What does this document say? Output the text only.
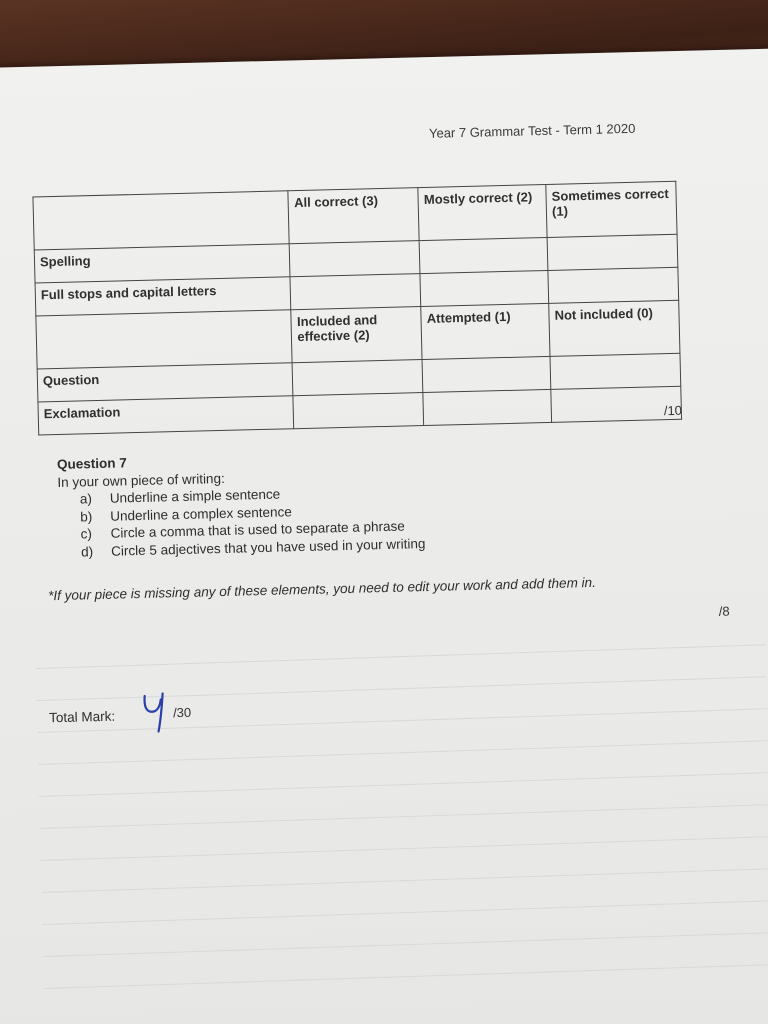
Year 7 Grammar Test - Term 1 2020
	All correct (3)	Mostly correct (2)	Sometimes correct (1)
Spelling			
Full stops and capital letters			
	Included and effective (2)	Attempted (1)	Not included (0)
Question			
Exclamation				/10
Question 7
In your own piece of writing:
a)	Underline a simple sentence
b)	Underline a complex sentence
c)	Circle a comma that is used to separate a phrase
d)	Circle 5 adjectives that you have used in your writing
*If your piece is missing any of these elements, you need to edit your work and add them in.
/8
Total Mark:	/30
